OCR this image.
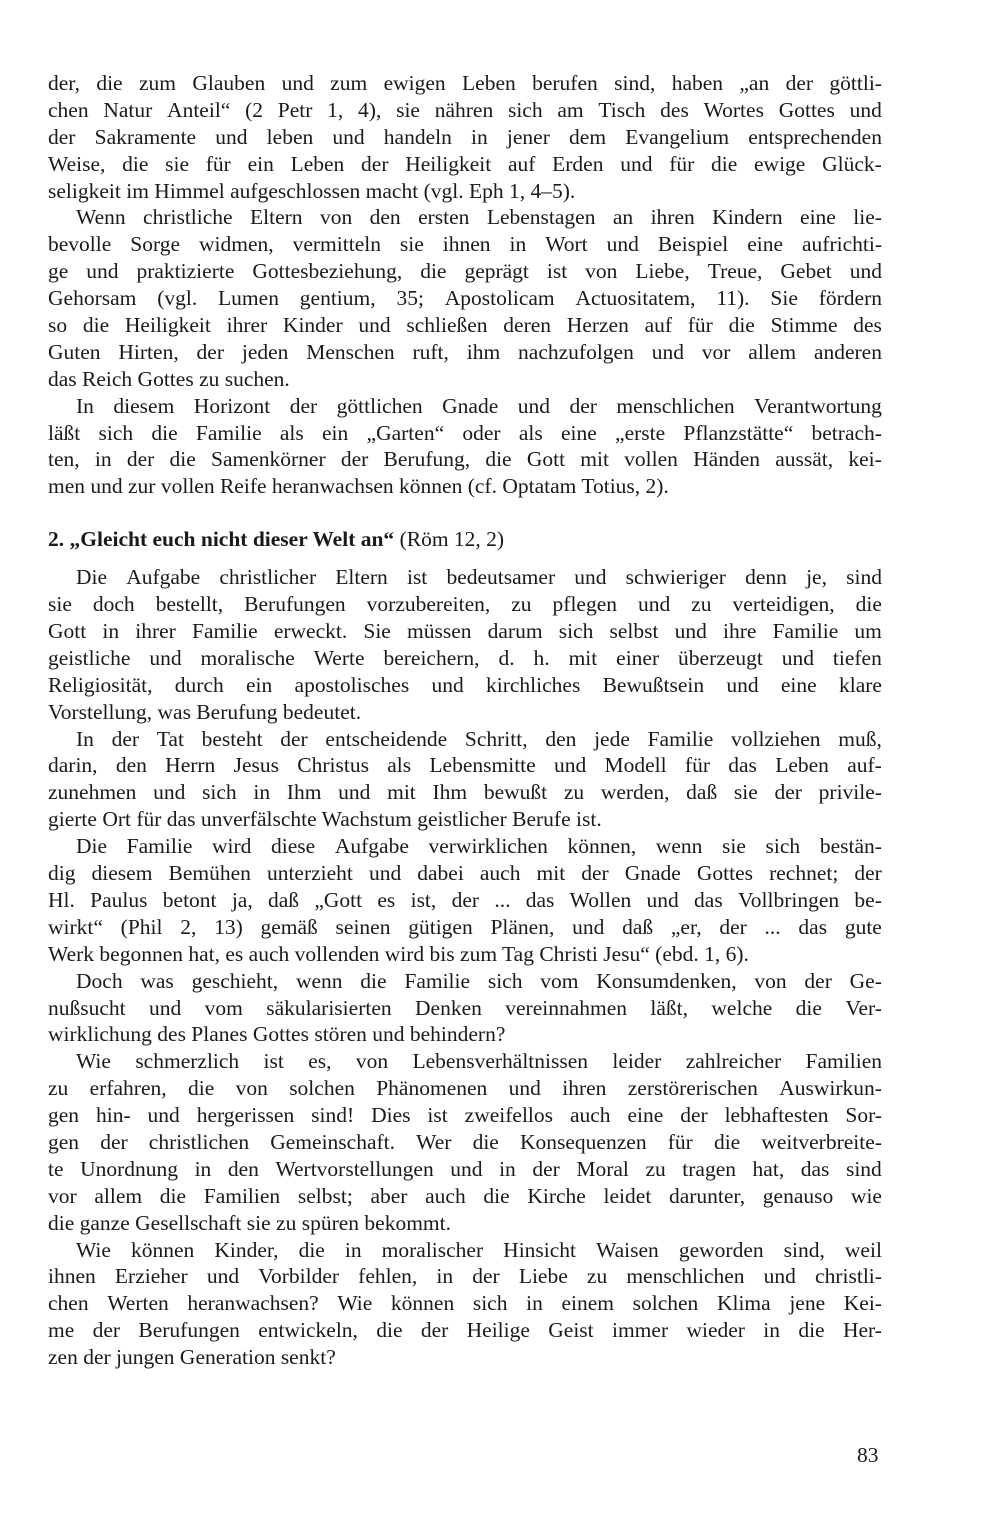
der, die zum Glauben und zum ewigen Leben berufen sind, haben „an der göttli-
chen Natur Anteil“ (2 Petr 1, 4), sie nähren sich am Tisch des Wortes Gottes und
der Sakramente und leben und handeln in jener dem Evangelium entsprechenden
Weise, die sie für ein Leben der Heiligkeit auf Erden und für die ewige Glück-
seligkeit im Himmel aufgeschlossen macht (vgl. Eph 1, 4–5).
Wenn christliche Eltern von den ersten Lebenstagen an ihren Kindern eine lie-
bevolle Sorge widmen, vermitteln sie ihnen in Wort und Beispiel eine aufrichti-
ge und praktizierte Gottesbeziehung, die geprägt ist von Liebe, Treue, Gebet und
Gehorsam (vgl. Lumen gentium, 35; Apostolicam Actuositatem, 11). Sie fördern
so die Heiligkeit ihrer Kinder und schließen deren Herzen auf für die Stimme des
Guten Hirten, der jeden Menschen ruft, ihm nachzufolgen und vor allem anderen
das Reich Gottes zu suchen.
In diesem Horizont der göttlichen Gnade und der menschlichen Verantwortung
läßt sich die Familie als ein „Garten“ oder als eine „erste Pflanzstätte“ betrach-
ten, in der die Samenkörner der Berufung, die Gott mit vollen Händen aussät, kei-
men und zur vollen Reife heranwachsen können (cf. Optatam Totius, 2).
2. „Gleicht euch nicht dieser Welt an“ (Röm 12, 2)
Die Aufgabe christlicher Eltern ist bedeutsamer und schwieriger denn je, sind
sie doch bestellt, Berufungen vorzubereiten, zu pflegen und zu verteidigen, die
Gott in ihrer Familie erweckt. Sie müssen darum sich selbst und ihre Familie um
geistliche und moralische Werte bereichern, d. h. mit einer überzeugt und tiefen
Religiosität, durch ein apostolisches und kirchliches Bewußtsein und eine klare
Vorstellung, was Berufung bedeutet.
In der Tat besteht der entscheidende Schritt, den jede Familie vollziehen muß,
darin, den Herrn Jesus Christus als Lebensmitte und Modell für das Leben auf-
zunehmen und sich in Ihm und mit Ihm bewußt zu werden, daß sie der privile-
gierte Ort für das unverfälschte Wachstum geistlicher Berufe ist.
Die Familie wird diese Aufgabe verwirklichen können, wenn sie sich bestän-
dig diesem Bemühen unterzieht und dabei auch mit der Gnade Gottes rechnet; der
Hl. Paulus betont ja, daß „Gott es ist, der ... das Wollen und das Vollbringen be-
wirkt“ (Phil 2, 13) gemäß seinen gütigen Plänen, und daß „er, der ... das gute
Werk begonnen hat, es auch vollenden wird bis zum Tag Christi Jesu“ (ebd. 1, 6).
Doch was geschieht, wenn die Familie sich vom Konsumdenken, von der Ge-
nußsucht und vom säkularisierten Denken vereinnahmen läßt, welche die Ver-
wirklichung des Planes Gottes stören und behindern?
Wie schmerzlich ist es, von Lebensverhältnissen leider zahlreicher Familien
zu erfahren, die von solchen Phänomenen und ihren zerstörerischen Auswirkun-
gen hin- und hergerissen sind! Dies ist zweifellos auch eine der lebhaftesten Sor-
gen der christlichen Gemeinschaft. Wer die Konsequenzen für die weitverbreite-
te Unordnung in den Wertvorstellungen und in der Moral zu tragen hat, das sind
vor allem die Familien selbst; aber auch die Kirche leidet darunter, genauso wie
die ganze Gesellschaft sie zu spüren bekommt.
Wie können Kinder, die in moralischer Hinsicht Waisen geworden sind, weil
ihnen Erzieher und Vorbilder fehlen, in der Liebe zu menschlichen und christli-
chen Werten heranwachsen? Wie können sich in einem solchen Klima jene Kei-
me der Berufungen entwickeln, die der Heilige Geist immer wieder in die Her-
zen der jungen Generation senkt?
83
